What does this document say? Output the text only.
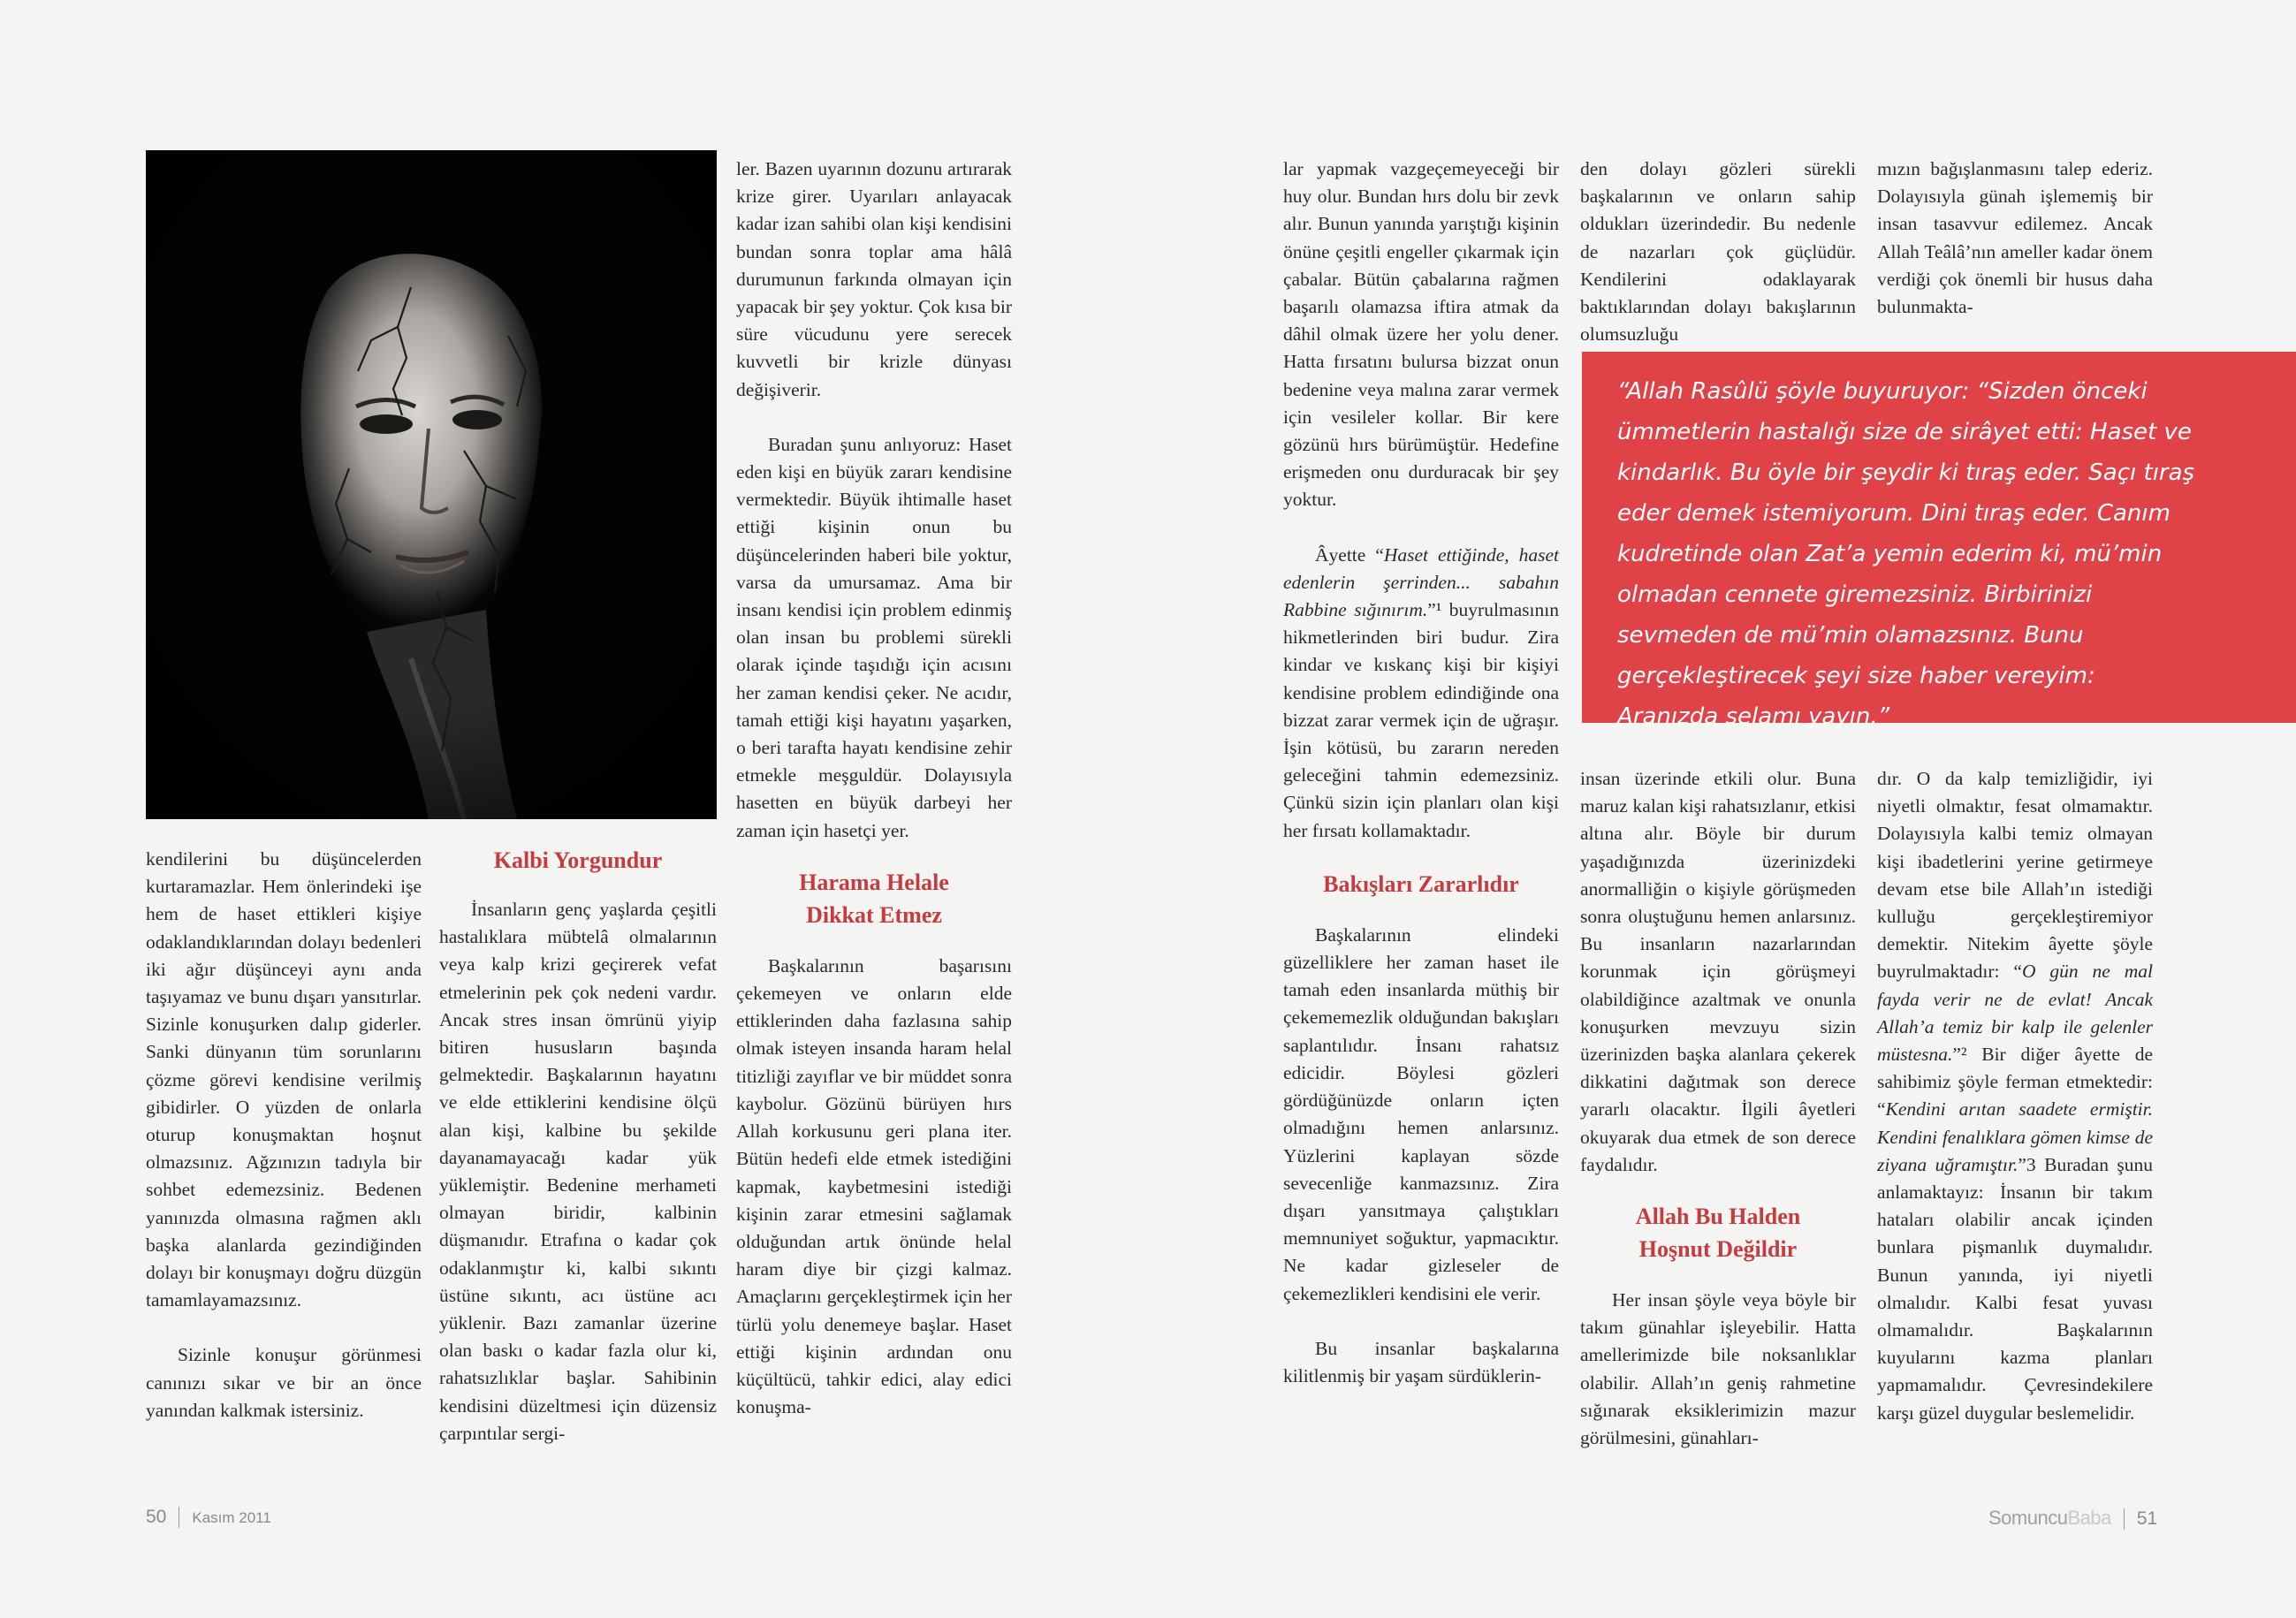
kendilerini bu düşüncelerden kurtaramazlar. Hem önlerindeki işe hem de haset ettikleri kişiye odaklandıklarından dolayı bedenleri iki ağır düşünceyi aynı anda taşıyamaz ve bunu dışarı yansıtırlar. Sizinle konuşurken dalıp giderler. Sanki dünyanın tüm sorunlarını çözme görevi kendisine verilmiş gibidirler. O yüzden de onlarla oturup konuşmaktan hoşnut olmazsınız. Ağzınızın tadıyla bir sohbet edemezsiniz. Bedenen yanınızda olmasına rağmen aklı başka alanlarda gezindiğinden dolayı bir konuşmayı doğru düzgün tamamlayamazsınız.

Sizinle konuşur görünmesi canınızı sıkar ve bir an önce yanından kalkmak istersiniz.

Kalbi Yorgundur

İnsanların genç yaşlarda çeşitli hastalıklara mübtelâ olmalarının veya kalp krizi geçirerek vefat etmelerinin pek çok nedeni vardır. Ancak stres insan ömrünü yiyip bitiren hususların başında gelmektedir. Başkalarının hayatını ve elde ettiklerini kendisine ölçü alan kişi, kalbine bu şekilde dayanamayacağı kadar yük yüklemiştir. Bedenine merhameti olmayan biridir, kalbinin düşmanıdır. Etrafına o kadar çok odaklanmıştır ki, kalbi sıkıntı üstüne sıkıntı, acı üstüne acı yüklenir. Bazı zamanlar üzerine olan baskı o kadar fazla olur ki, rahatsızlıklar başlar. Sahibinin kendisini düzeltmesi için düzensiz çarpıntılar sergi-

ler. Bazen uyarının dozunu artırarak krize girer. Uyarıları anlayacak kadar izan sahibi olan kişi kendisini bundan sonra toplar ama hâlâ durumunun farkında olmayan için yapacak bir şey yoktur. Çok kısa bir süre vücudunu yere serecek kuvvetli bir krizle dünyası değişiverir.

Buradan şunu anlıyoruz: Haset eden kişi en büyük zararı kendisine vermektedir. Büyük ihtimalle haset ettiği kişinin onun bu düşüncelerinden haberi bile yoktur, varsa da umursamaz. Ama bir insanı kendisi için problem edinmiş olan insan bu problemi sürekli olarak içinde taşıdığı için acısını her zaman kendisi çeker. Ne acıdır, tamah ettiği kişi hayatını yaşarken, o beri tarafta hayatı kendisine zehir etmekle meşguldür. Dolayısıyla hasetten en büyük darbeyi her zaman için hasetçi yer.

Harama Helale
Dikkat Etmez

Başkalarının başarısını çekemeyen ve onların elde ettiklerinden daha fazlasına sahip olmak isteyen insanda haram helal titizliği zayıflar ve bir müddet sonra kaybolur. Gözünü bürüyen hırs Allah korkusunu geri plana iter. Bütün hedefi elde etmek istediğini kapmak, kaybetmesini istediği kişinin zarar etmesini sağlamak olduğundan artık önünde helal haram diye bir çizgi kalmaz. Amaçlarını gerçekleştirmek için her türlü yolu denemeye başlar. Haset ettiği kişinin ardından onu küçültücü, tahkir edici, alay edici konuşma-

50 Kasım 2011

lar yapmak vazgeçemeyeceği bir huy olur. Bundan hırs dolu bir zevk alır. Bunun yanında yarıştığı kişinin önüne çeşitli engeller çıkarmak için çabalar. Bütün çabalarına rağmen başarılı olamazsa iftira atmak da dâhil olmak üzere her yolu dener. Hatta fırsatını bulursa bizzat onun bedenine veya malına zarar vermek için vesileler kollar. Bir kere gözünü hırs bürümüştür. Hedefine erişmeden onu durduracak bir şey yoktur.

Âyette “Haset ettiğinde, haset edenlerin şerrinden... sabahın Rabbine sığınırım.”¹ buyrulmasının hikmetlerinden biri budur. Zira kindar ve kıskanç kişi bir kişiyi kendisine problem edindiğinde ona bizzat zarar vermek için de uğraşır. İşin kötüsü, bu zararın nereden geleceğini tahmin edemezsiniz. Çünkü sizin için planları olan kişi her fırsatı kollamaktadır.

Bakışları Zararlıdır

Başkalarının elindeki güzelliklere her zaman haset ile tamah eden insanlarda müthiş bir çekememezlik olduğundan bakışları saplantılıdır. İnsanı rahatsız edicidir. Böylesi gözleri gördüğünüzde onların içten olmadığını hemen anlarsınız. Yüzlerini kaplayan sözde sevecenliğe kanmazsınız. Zira dışarı yansıtmaya çalıştıkları memnuniyet soğuktur, yapmacıktır. Ne kadar gizleseler de çekemezlikleri kendisini ele verir.

Bu insanlar başkalarına kilitlenmiş bir yaşam sürdüklerin-

den dolayı gözleri sürekli başkalarının ve onların sahip oldukları üzerindedir. Bu nedenle de nazarları çok güçlüdür. Kendilerini odaklayarak baktıklarından dolayı bakışlarının olumsuzluğu

mızın bağışlanmasını talep ederiz. Dolayısıyla günah işlememiş bir insan tasavvur edilemez. Ancak Allah Teâlâ’nın ameller kadar önem verdiği çok önemli bir husus daha bulunmakta-

“Allah Rasûlü şöyle buyuruyor: “Sizden önceki ümmetlerin hastalığı size de sirâyet etti: Haset ve kindarlık. Bu öyle bir şeydir ki tıraş eder. Saçı tıraş eder demek istemiyorum. Dini tıraş eder. Canım kudretinde olan Zat’a yemin ederim ki, mü’min olmadan cennete giremezsiniz. Birbirinizi sevmeden de mü’min olamazsınız. Bunu gerçekleştirecek şeyi size haber vereyim: Aranızda selamı yayın.”

insan üzerinde etkili olur. Buna maruz kalan kişi rahatsızlanır, etkisi altına alır. Böyle bir durum yaşadığınızda üzerinizdeki anormalliğin o kişiyle görüşmeden sonra oluştuğunu hemen anlarsınız. Bu insanların nazarlarından korunmak için görüşmeyi olabildiğince azaltmak ve onunla konuşurken mevzuyu sizin üzerinizden başka alanlara çekerek dikkatini dağıtmak son derece yararlı olacaktır. İlgili âyetleri okuyarak dua etmek de son derece faydalıdır.

Allah Bu Halden
Hoşnut Değildir

Her insan şöyle veya böyle bir takım günahlar işleyebilir. Hatta amellerimizde bile noksanlıklar olabilir. Allah’ın geniş rahmetine sığınarak eksiklerimizin mazur görülmesini, günahları-

dır. O da kalp temizliğidir, iyi niyetli olmaktır, fesat olmamaktır. Dolayısıyla kalbi temiz olmayan kişi ibadetlerini yerine getirmeye devam etse bile Allah’ın istediği kulluğu gerçekleştiremiyor demektir. Nitekim âyette şöyle buyrulmaktadır: “O gün ne mal fayda verir ne de evlat! Ancak Allah’a temiz bir kalp ile gelenler müstesna.”² Bir diğer âyette de sahibimiz şöyle ferman etmektedir: “Kendini arıtan saadete ermiştir. Kendini fenalıklara gömen kimse de ziyana uğramıştır.”3 Buradan şunu anlamaktayız: İnsanın bir takım hataları olabilir ancak içinden bunlara pişmanlık duymalıdır. Bunun yanında, iyi niyetli olmalıdır. Kalbi fesat yuvası olmamalıdır. Başkalarının kuyularını kazma planları yapmamalıdır. Çevresindekilere karşı güzel duygular beslemelidir.

SomuncuBaba 51
